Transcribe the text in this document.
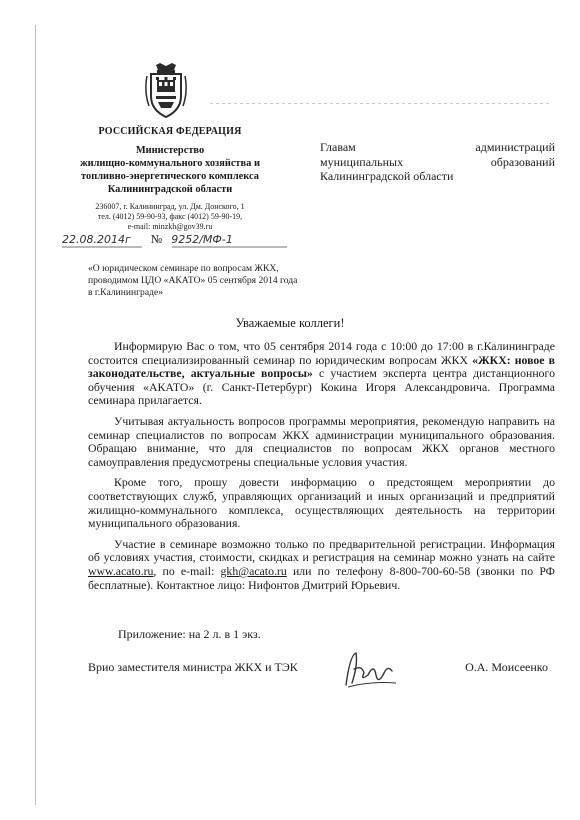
РОССИЙСКАЯ ФЕДЕРАЦИЯ
Министерство
жилищно-коммунального хозяйства и
топливно-энергетического комплекса
Калининградской области
236007, г. Калининград, ул. Дм. Донского, 1
тел. (4012) 59-90-93, факс (4012) 59-90-19,
e-mail: minzkh@gov39.ru
Главам	администраций
муниципальных	образований
Калининградской области
22.08.2014г № 9252/МФ-1
«О юридическом семинаре по вопросам ЖКХ,
проводимом ЦДО «АКАТО» 05 сентября 2014 года
в г.Калининграде»
Уважаемые коллеги!

Информирую Вас о том, что 05 сентября 2014 года с 10:00 до 17:00 в г.Калининграде состоится специализированный семинар по юридическим вопросам ЖКХ «ЖКХ: новое в законодательстве, актуальные вопросы» с участием эксперта центра дистанционного обучения «АКАТО» (г. Санкт-Петербург) Кокина Игоря Александровича. Программа семинара прилагается.

Учитывая актуальность вопросов программы мероприятия, рекомендую направить на семинар специалистов по вопросам ЖКХ администрации муниципального образования. Обращаю внимание, что для специалистов по вопросам ЖКХ органов местного самоуправления предусмотрены специальные условия участия.

Кроме того, прошу довести информацию о предстоящем мероприятии до соответствующих служб, управляющих организаций и иных организаций и предприятий жилищно-коммунального комплекса, осуществляющих деятельность на территории муниципального образования.

Участие в семинаре возможно только по предварительной регистрации. Информация об условиях участия, стоимости, скидках и регистрация на семинар можно узнать на сайте www.acato.ru, по e-mail: gkh@acato.ru или по телефону 8-800-700-60-58 (звонки по РФ бесплатные). Контактное лицо: Нифонтов Дмитрий Юрьевич.

Приложение: на 2 л. в 1 экз.
Врио заместителя министра ЖКХ и ТЭК	О.А. Моисеенко
